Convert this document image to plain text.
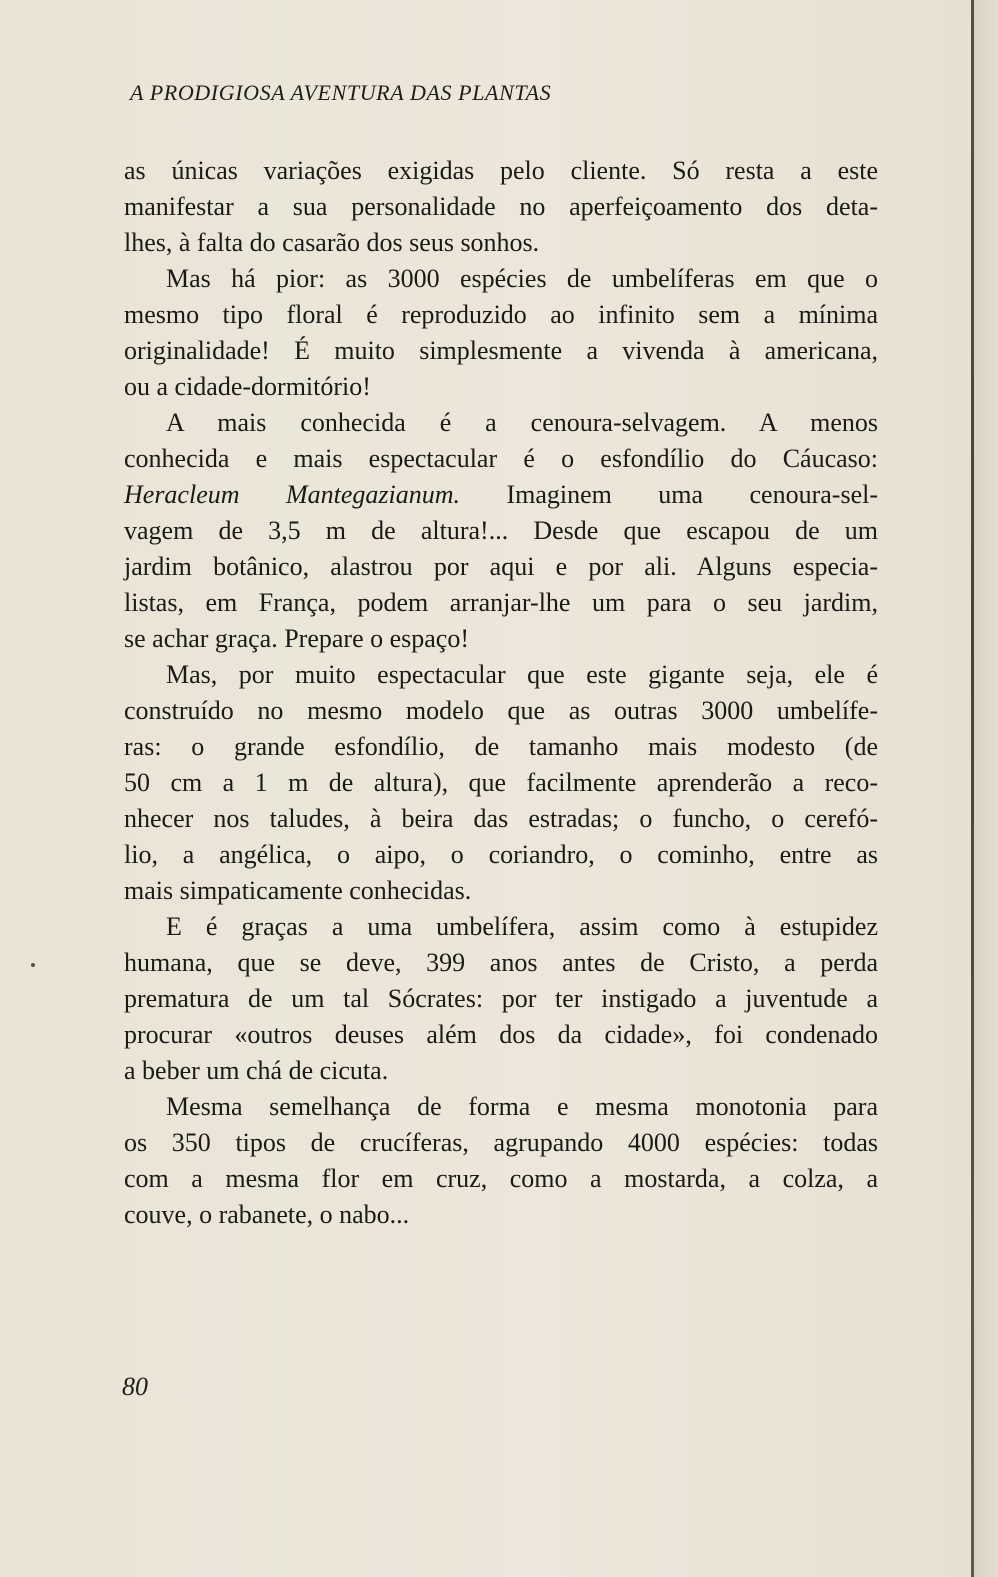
A PRODIGIOSA AVENTURA DAS PLANTAS
as únicas variações exigidas pelo cliente. Só resta a este
manifestar a sua personalidade no aperfeiçoamento dos deta-
lhes, à falta do casarão dos seus sonhos.
Mas há pior: as 3000 espécies de umbelíferas em que o
mesmo tipo floral é reproduzido ao infinito sem a mínima
originalidade! É muito simplesmente a vivenda à americana,
ou a cidade-dormitório!
A mais conhecida é a cenoura-selvagem. A menos
conhecida e mais espectacular é o esfondílio do Cáucaso:
Heracleum Mantegazianum. Imaginem uma cenoura-sel-
vagem de 3,5 m de altura!... Desde que escapou de um
jardim botânico, alastrou por aqui e por ali. Alguns especia-
listas, em França, podem arranjar-lhe um para o seu jardim,
se achar graça. Prepare o espaço!
Mas, por muito espectacular que este gigante seja, ele é
construído no mesmo modelo que as outras 3000 umbelífe-
ras: o grande esfondílio, de tamanho mais modesto (de
50 cm a 1 m de altura), que facilmente aprenderão a reco-
nhecer nos taludes, à beira das estradas; o funcho, o cerefó-
lio, a angélica, o aipo, o coriandro, o cominho, entre as
mais simpaticamente conhecidas.
E é graças a uma umbelífera, assim como à estupidez
humana, que se deve, 399 anos antes de Cristo, a perda
prematura de um tal Sócrates: por ter instigado a juventude a
procurar «outros deuses além dos da cidade», foi condenado
a beber um chá de cicuta.
Mesma semelhança de forma e mesma monotonia para
os 350 tipos de crucíferas, agrupando 4000 espécies: todas
com a mesma flor em cruz, como a mostarda, a colza, a
couve, o rabanete, o nabo...
80
